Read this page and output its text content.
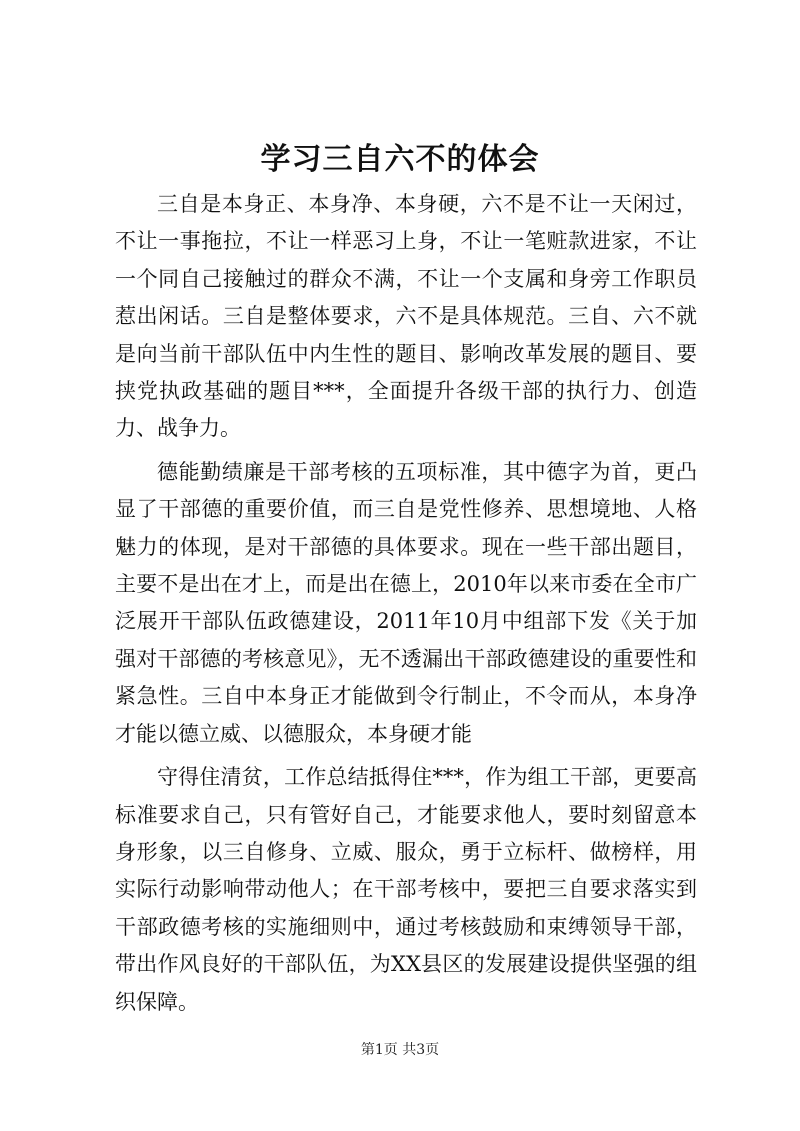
学习三自六不的体会

三自是本身正、本身净、本身硬，六不是不让一天闲过，不让一事拖拉，不让一样恶习上身，不让一笔赃款进家，不让一个同自己接触过的群众不满，不让一个支属和身旁工作职员惹出闲话。三自是整体要求，六不是具体规范。三自、六不就是向当前干部队伍中内生性的题目、影响改革发展的题目、要挟党执政基础的题目***，全面提升各级干部的执行力、创造力、战争力。

德能勤绩廉是干部考核的五项标准，其中德字为首，更凸显了干部德的重要价值，而三自是党性修养、思想境地、人格魅力的体现，是对干部德的具体要求。现在一些干部出题目，主要不是出在才上，而是出在德上，2010年以来市委在全市广泛展开干部队伍政德建设，2011年10月中组部下发《关于加强对干部德的考核意见》，无不透漏出干部政德建设的重要性和紧急性。三自中本身正才能做到令行制止，不令而从，本身净才能以德立威、以德服众，本身硬才能

守得住清贫，工作总结抵得住***，作为组工干部，更要高标准要求自己，只有管好自己，才能要求他人，要时刻留意本身形象，以三自修身、立威、服众，勇于立标杆、做榜样，用实际行动影响带动他人；在干部考核中，要把三自要求落实到干部政德考核的实施细则中，通过考核鼓励和束缚领导干部，带出作风良好的干部队伍，为XX县区的发展建设提供坚强的组织保障。

第1页 共3页
